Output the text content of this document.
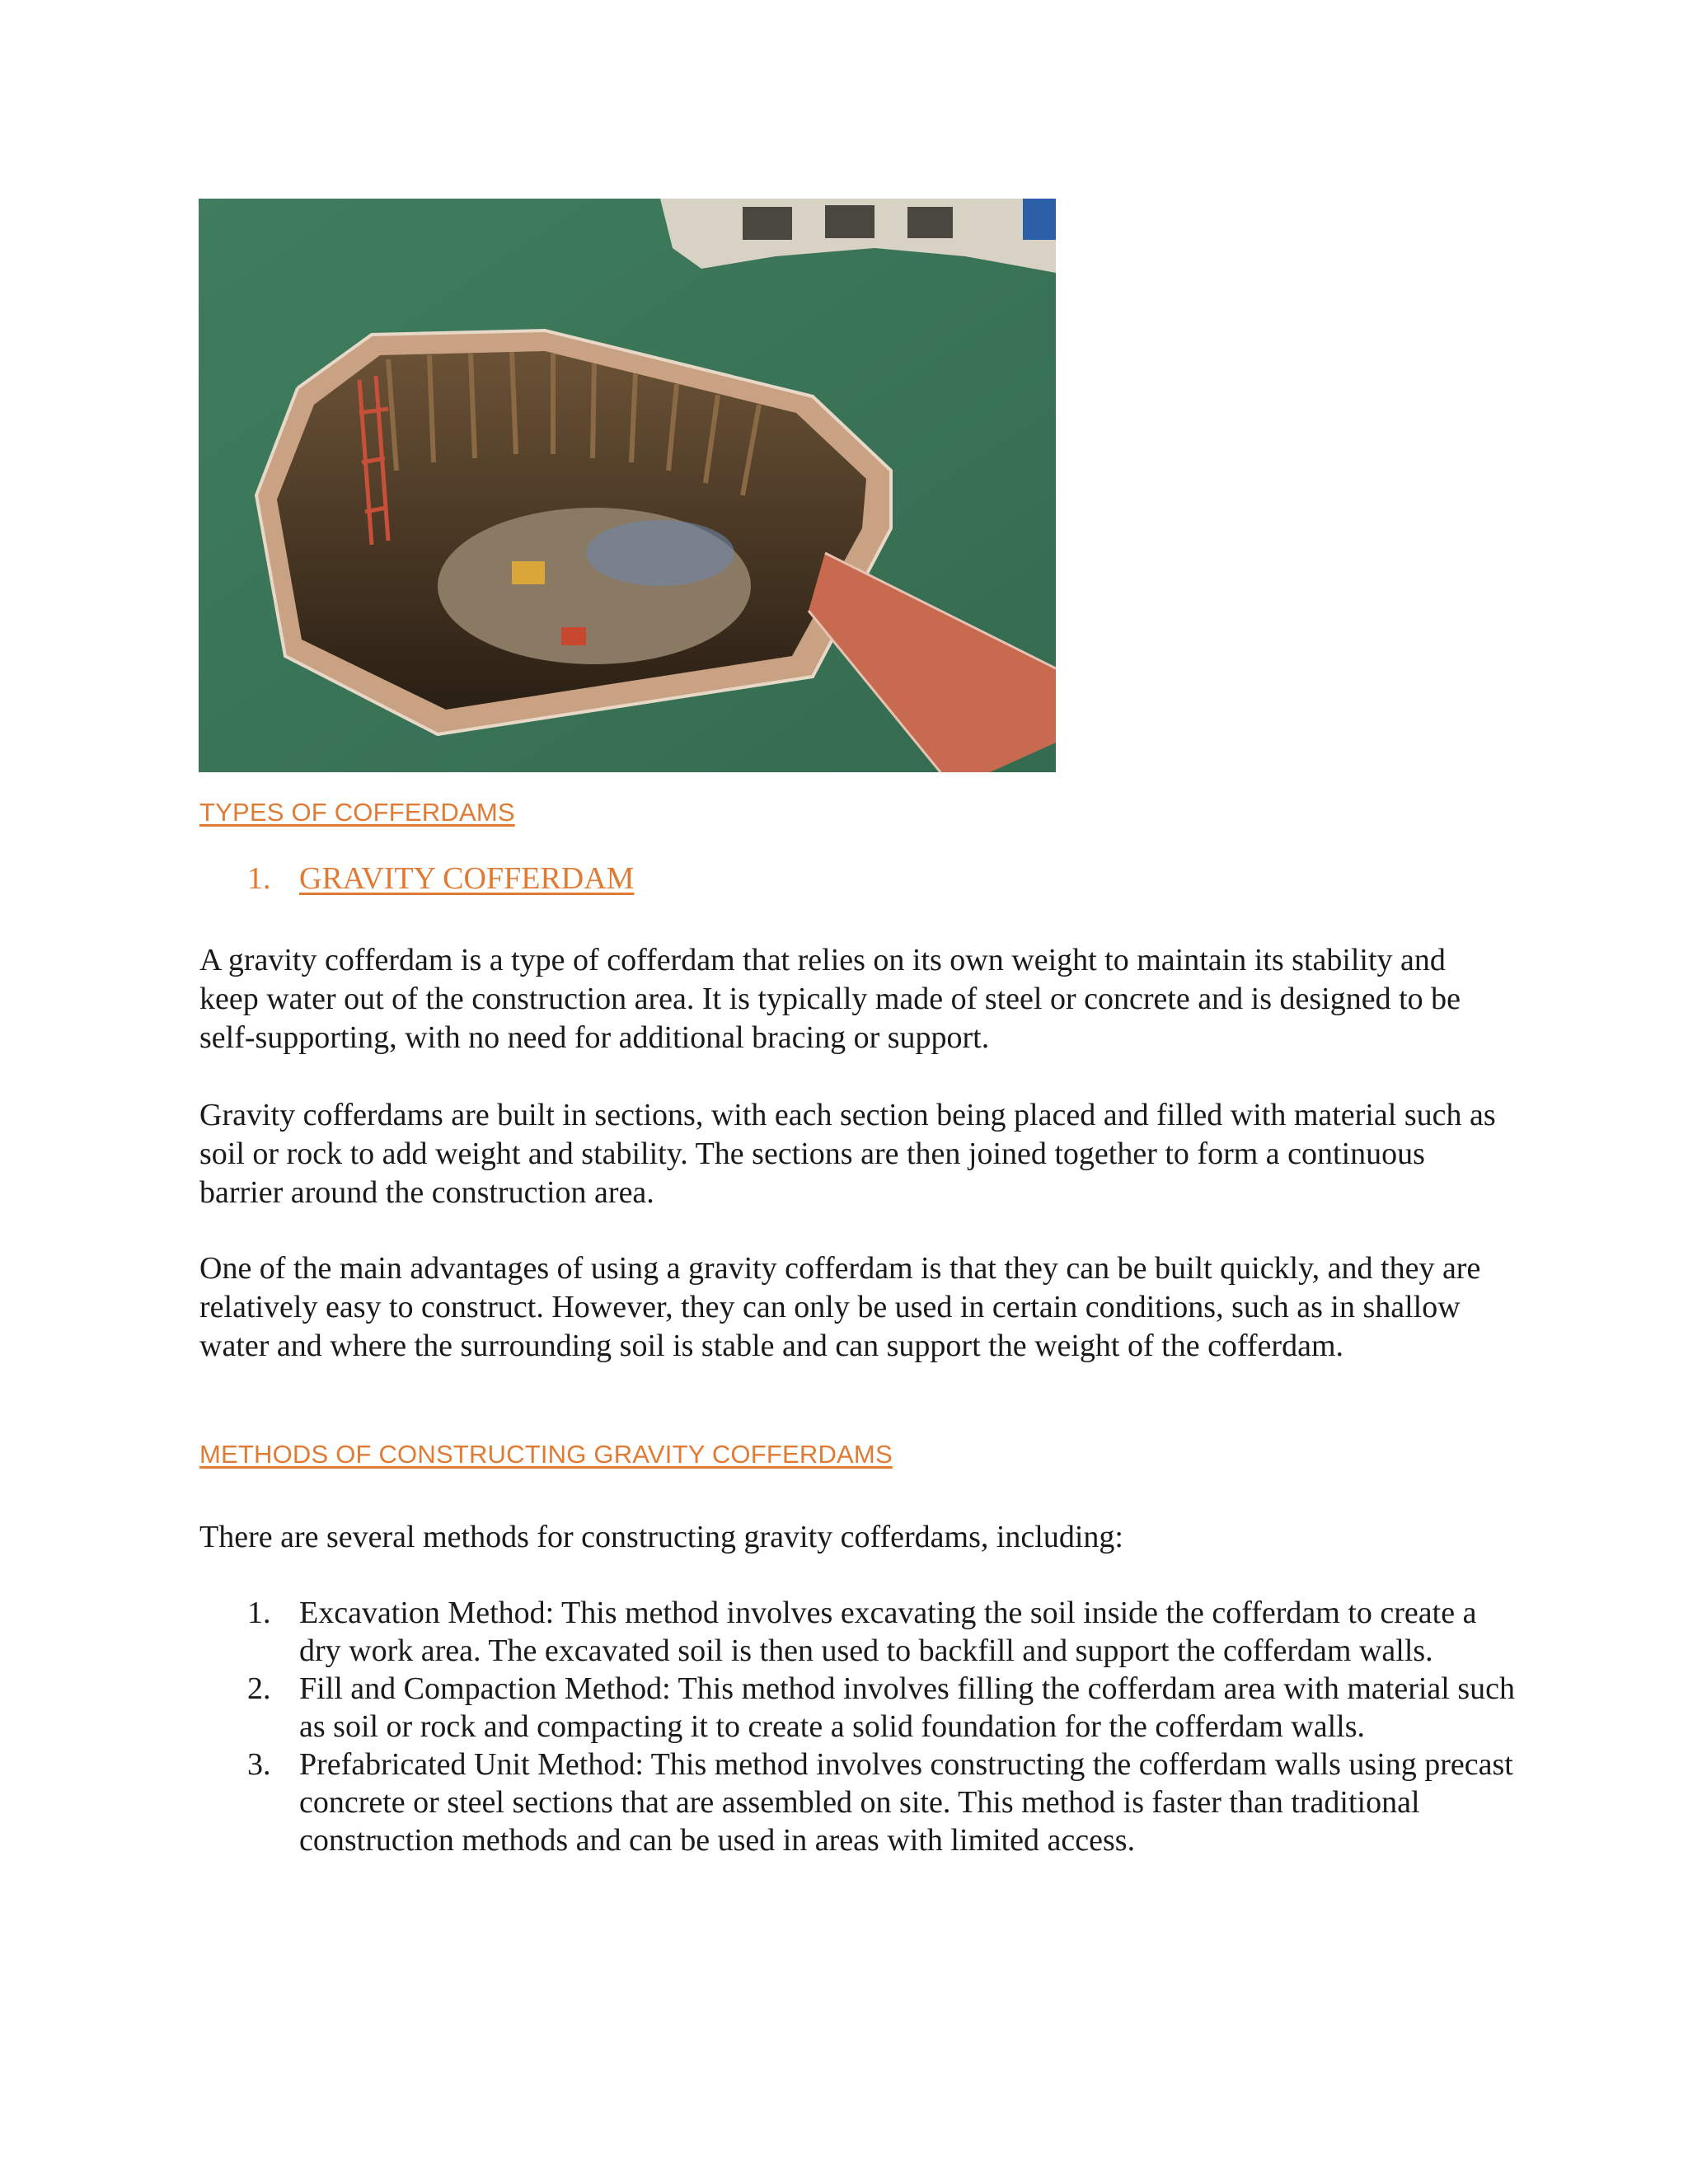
TYPES OF COFFERDAMS
1. GRAVITY COFFERDAM
A gravity cofferdam is a type of cofferdam that relies on its own weight to maintain its stability and keep water out of the construction area. It is typically made of steel or concrete and is designed to be self-supporting, with no need for additional bracing or support.
Gravity cofferdams are built in sections, with each section being placed and filled with material such as soil or rock to add weight and stability. The sections are then joined together to form a continuous barrier around the construction area.
One of the main advantages of using a gravity cofferdam is that they can be built quickly, and they are relatively easy to construct. However, they can only be used in certain conditions, such as in shallow water and where the surrounding soil is stable and can support the weight of the cofferdam.
METHODS OF CONSTRUCTING GRAVITY COFFERDAMS
There are several methods for constructing gravity cofferdams, including:
1. Excavation Method: This method involves excavating the soil inside the cofferdam to create a dry work area. The excavated soil is then used to backfill and support the cofferdam walls.
2. Fill and Compaction Method: This method involves filling the cofferdam area with material such as soil or rock and compacting it to create a solid foundation for the cofferdam walls.
3. Prefabricated Unit Method: This method involves constructing the cofferdam walls using precast concrete or steel sections that are assembled on site. This method is faster than traditional construction methods and can be used in areas with limited access.
